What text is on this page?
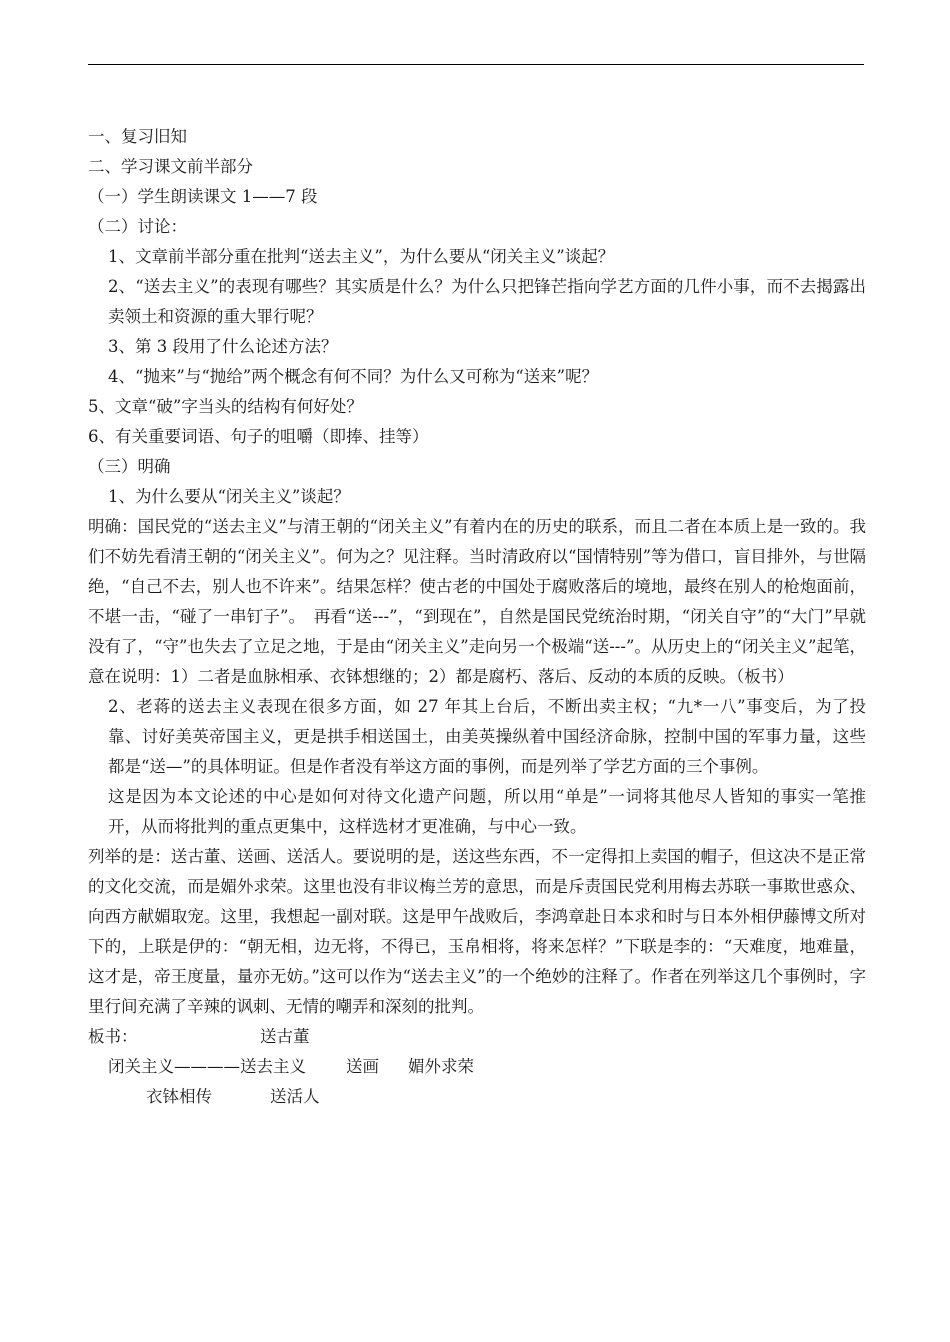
一、复习旧知

二、学习课文前半部分

（一）学生朗读课文 1——7 段

（二）讨论：

1、文章前半部分重在批判“送去主义”，为什么要从“闭关主义”谈起？

2、“送去主义”的表现有哪些？其实质是什么？为什么只把锋芒指向学艺方面的几件小事，而不去揭露出卖领土和资源的重大罪行呢？

3、第 3 段用了什么论述方法？

4、“抛来”与“抛给”两个概念有何不同？为什么又可称为“送来”呢？

5、文章“破”字当头的结构有何好处？

6、有关重要词语、句子的咀嚼（即捧、挂等）

（三）明确

1、为什么要从“闭关主义”谈起？

明确：国民党的“送去主义”与清王朝的“闭关主义”有着内在的历史的联系，而且二者在本质上是一致的。我们不妨先看清王朝的“闭关主义”。何为之？见注释。当时清政府以“国情特别”等为借口，盲目排外，与世隔绝，“自己不去，别人也不许来”。结果怎样？使古老的中国处于腐败落后的境地，最终在别人的枪炮面前，不堪一击，“碰了一串钉子”。　再看“送---”，“到现在”，自然是国民党统治时期，“闭关自守”的“大门”早就没有了，“守”也失去了立足之地，于是由“闭关主义”走向另一个极端“送---”。从历史上的“闭关主义”起笔，意在说明：1）二者是血脉相承、衣钵想继的；2）都是腐朽、落后、反动的本质的反映。（板书）

2、老蒋的送去主义表现在很多方面，如 27 年其上台后，不断出卖主权；“九*一八”事变后，为了投靠、讨好美英帝国主义，更是拱手相送国土，由美英操纵着中国经济命脉，控制中国的军事力量，这些都是“送—”的具体明证。但是作者没有举这方面的事例，而是列举了学艺方面的三个事例。

这是因为本文论述的中心是如何对待文化遗产问题，所以用“单是”一词将其他尽人皆知的事实一笔推开，从而将批判的重点更集中，这样选材才更准确，与中心一致。

列举的是：送古董、送画、送活人。要说明的是，送这些东西，不一定得扣上卖国的帽子，但这决不是正常的文化交流，而是媚外求荣。这里也没有非议梅兰芳的意思，而是斥责国民党利用梅去苏联一事欺世惑众、向西方献媚取宠。这里，我想起一副对联。这是甲午战败后，李鸿章赴日本求和时与日本外相伊藤博文所对下的，上联是伊的：“朝无相，边无将，不得已，玉帛相将，将来怎样？”下联是李的：“天难度，地难量，这才是，帝王度量，量亦无妨。”这可以作为“送去主义”的一个绝妙的注释了。作者在列举这几个事例时，字里行间充满了辛辣的讽刺、无情的嘲弄和深刻的批判。

板书：	送古董
闭关主义————送去主义 送画 媚外求荣
衣钵相传	送活人
